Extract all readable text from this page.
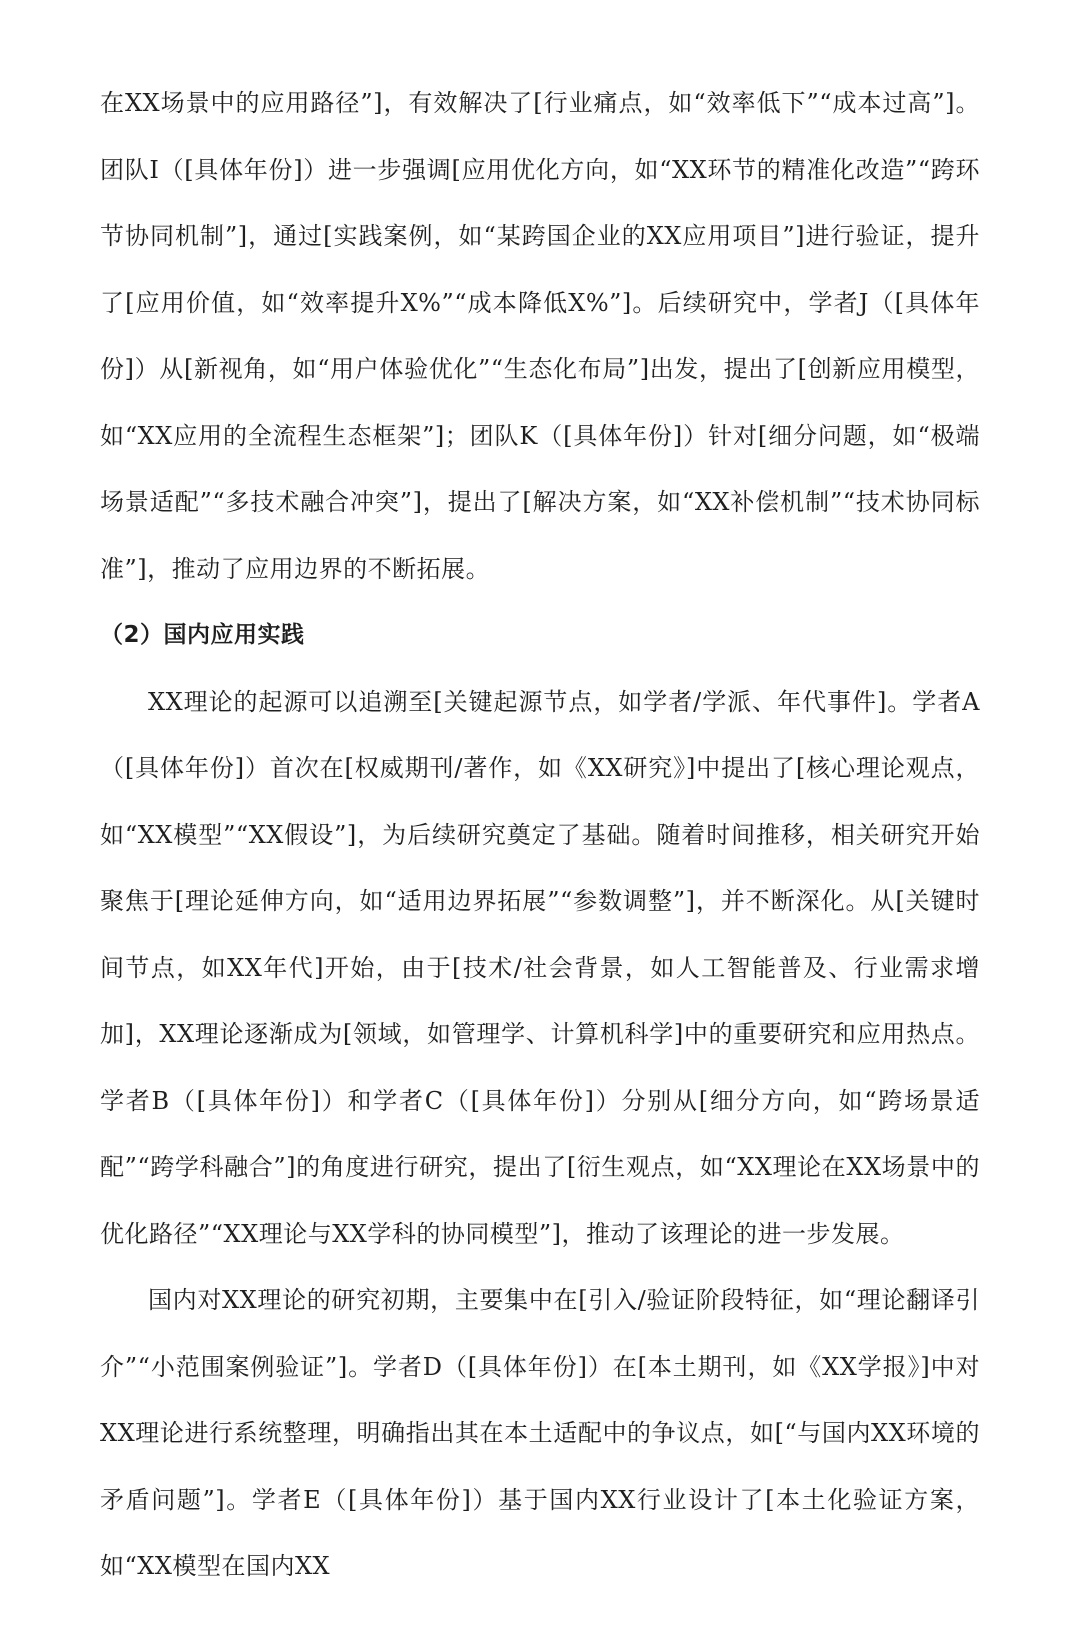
在XX场景中的应用路径”]，有效解决了[行业痛点，如“效率低下”“成本过高”]。团队I（[具体年份]）进一步强调[应用优化方向，如“XX环节的精准化改造”“跨环节协同机制”]，通过[实践案例，如“某跨国企业的XX应用项目”]进行验证，提升了[应用价值，如“效率提升X%”“成本降低X%”]。后续研究中，学者J（[具体年份]）从[新视角，如“用户体验优化”“生态化布局”]出发，提出了[创新应用模型，如“XX应用的全流程生态框架”]；团队K（[具体年份]）针对[细分问题，如“极端场景适配”“多技术融合冲突”]，提出了[解决方案，如“XX补偿机制”“技术协同标准”]，推动了应用边界的不断拓展。

（2）国内应用实践

XX理论的起源可以追溯至[关键起源节点，如学者/学派、年代事件]。学者A（[具体年份]）首次在[权威期刊/著作，如《XX研究》]中提出了[核心理论观点，如“XX模型”“XX假设”]，为后续研究奠定了基础。随着时间推移，相关研究开始聚焦于[理论延伸方向，如“适用边界拓展”“参数调整”]，并不断深化。从[关键时间节点，如XX年代]开始，由于[技术/社会背景，如人工智能普及、行业需求增加]，XX理论逐渐成为[领域，如管理学、计算机科学]中的重要研究和应用热点。学者B（[具体年份]）和学者C（[具体年份]）分别从[细分方向，如“跨场景适配”“跨学科融合”]的角度进行研究，提出了[衍生观点，如“XX理论在XX场景中的优化路径”“XX理论与XX学科的协同模型”]，推动了该理论的进一步发展。

国内对XX理论的研究初期，主要集中在[引入/验证阶段特征，如“理论翻译引介”“小范围案例验证”]。学者D（[具体年份]）在[本土期刊，如《XX学报》]中对XX理论进行系统整理，明确指出其在本土适配中的争议点，如[“与国内XX环境的矛盾问题”]。学者E（[具体年份]）基于国内XX行业设计了[本土化验证方案，如“XX模型在国内XX
